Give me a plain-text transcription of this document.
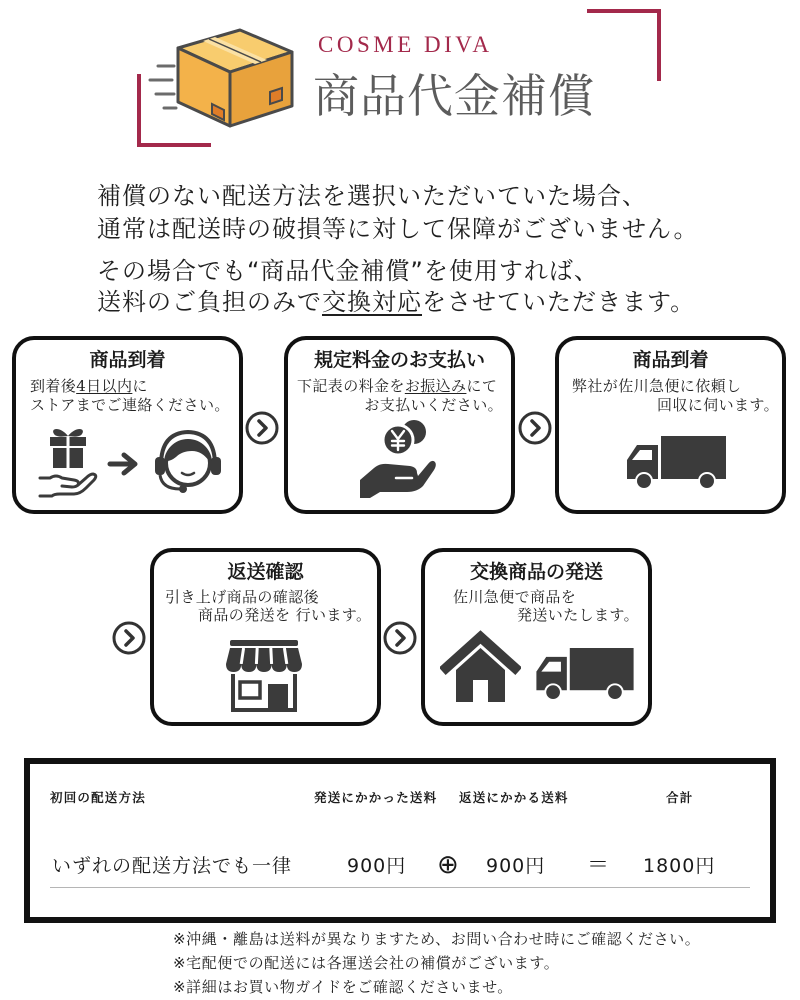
COSME DIVA
商品代金補償
補償のない配送方法を選択いただいていた場合、
通常は配送時の破損等に対して保障がございません。
その場合でも“商品代金補償”を使用すれば、
送料のご負担のみで交換対応をさせていただきます。
商品到着
到着後4日以内に
ストアまでご連絡ください。
規定料金のお支払い
下記表の料金をお振込みにて
お支払いください。
商品到着
弊社が佐川急便に依頼し
回収に伺います。
返送確認
引き上げ商品の確認後
商品の発送を 行います。
交換商品の発送
佐川急便で商品を
発送いたします。
初回の配送方法	発送にかかった送料 返送にかかる送料	合計
いずれの配送方法でも一律	900円 ⊕ 900円 ＝ 1800円
※沖縄・離島は送料が異なりますため、お問い合わせ時にご確認ください。
※宅配便での配送には各運送会社の補償がございます。
※詳細はお買い物ガイドをご確認くださいませ。
